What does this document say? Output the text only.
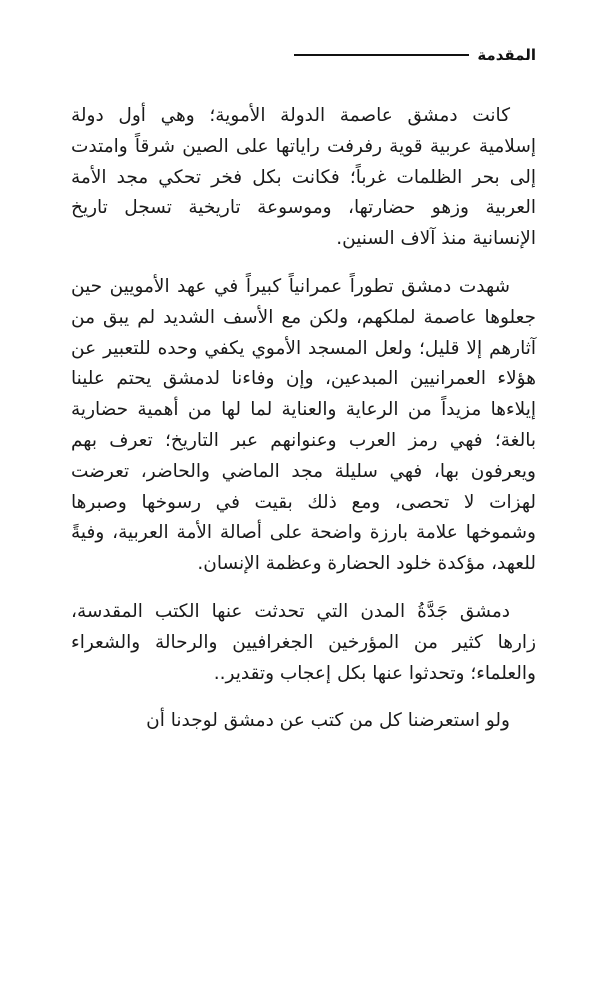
المقدمة

كانت دمشق عاصمة الدولة الأموية؛ وهي أول دولة إسلامية عربية قوية رفرفت راياتها على الصين شرقاً وامتدت إلى بحر الظلمات غرباً؛ فكانت بكل فخر تحكي مجد الأمة العربية وزهو حضارتها، وموسوعة تاريخية تسجل تاريخ الإنسانية منذ آلاف السنين.

شهدت دمشق تطوراً عمرانياً كبيراً في عهد الأمويين حين جعلوها عاصمة لملكهم، ولكن مع الأسف الشديد لم يبق من آثارهم إلا قليل؛ ولعل المسجد الأموي يكفي وحده للتعبير عن هؤلاء العمرانيين المبدعين، وإن وفاءنا لدمشق يحتم علينا إيلاءها مزيداً من الرعاية والعناية لما لها من أهمية حضارية بالغة؛ فهي رمز العرب وعنوانهم عبر التاريخ؛ تعرف بهم ويعرفون بها، فهي سليلة مجد الماضي والحاضر، تعرضت لهزات لا تحصى، ومع ذلك بقيت في رسوخها وصبرها وشموخها علامة بارزة واضحة على أصالة الأمة العربية، وفيةً للعهد، مؤكدة خلود الحضارة وعظمة الإنسان.

دمشق جَدَّةُ المدن التي تحدثت عنها الكتب المقدسة، زارها كثير من المؤرخين الجغرافيين والرحالة والشعراء والعلماء؛ وتحدثوا عنها بكل إعجاب وتقدير..

ولو استعرضنا كل من كتب عن دمشق لوجدنا أن
